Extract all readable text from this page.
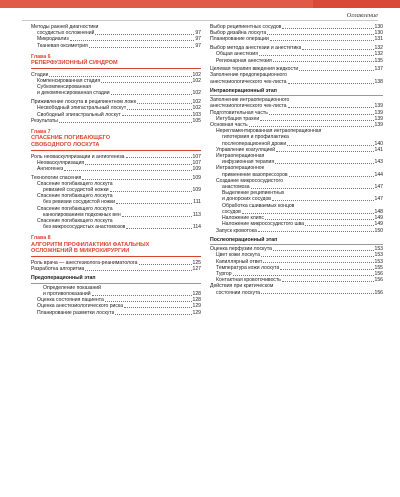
Оглавление
Методы ранней диагностики
сосудистых осложнений	97
Микродиализ	97
Тканевая оксиметрия	97
Глава 6
РЕПЕРФУЗИОННЫЙ СИНДРОМ
Стадии	102
Компенсированная стадия	102
Субкомпенсированная
и декомпенсированная стадии	102
Приживление лоскута в реципиентном ложе	102
Несвободный эпигастральный лоскут	102
Свободный эпигастральный лоскут	103
Результаты	105
Глава 7
СПАСЕНИЕ ПОГИБАЮЩЕГО
СВОБОДНОГО ЛОСКУТА
Роль неоваскуляризации и ангиогенеза	107
Неоваскуляризация	107
Ангиогенез	109
Технологии спасения	109
Спасение погибающего лоскута
ревизией сосудистой ножки	109
Спасение погибающего лоскута
без ревизии сосудистой ножки	111
Спасение погибающего лоскута
канюлированием подкожных вен	113
Спасение погибающего лоскута
без микрососудистых анастомозов	114
Глава 8
АЛГОРИТМ ПРОФИЛАКТИКИ ФАТАЛЬНЫХ
ОСЛОЖНЕНИЙ В МИКРОХИРУРГИИ
Роль врача — анестезиолога-реаниматолога	125
Разработка алгоритма	127
Предоперационный этап
Определение показаний
и противопоказаний	128
Оценка состояния пациента	128
Оценка анестезиологического риска	129
Планирование разметки лоскута	129
Выбор реципиентных сосудов	130
Выбор дизайна лоскута	130
Планирование операции	131
Выбор метода анестезии и анестетика	132
Общая анестезия	132
Регионарная анестезия	135
Целевая терапия введения жидкости	137
Заполнение предоперационного
анестезиологического чек-листа	138
Интраоперационный этап
Заполнение интраоперационного
анестезиологического чек-листа	139
Подготовительная часть	139
Интубация трахеи	139
Основная часть	139
Нерегламентированная интраоперационная
гипотермия и профилактика
послеоперационной дрожи	140
Управление коагуляцией	141
Интраоперационная
инфузионная терапия	143
Интраоперационное
применение вазопрессоров	144
Создание микрососудистого
анастомоза	147
Выделение реципиентных
и донорских сосудов	147
Обработка сшиваемых концов
сосудов	148
Наложение клипс	149
Наложение микрососудистого шва	149
Запуск кровотока	150
Послеоперационный этап
Оценка перфузии лоскута	153
Цвет кожи лоскута	153
Капиллярный ответ	153
Температура кожи лоскута	155
Тургор	156
Контактная кровоточивость	156
Действия при критическом
состоянии лоскута	156
